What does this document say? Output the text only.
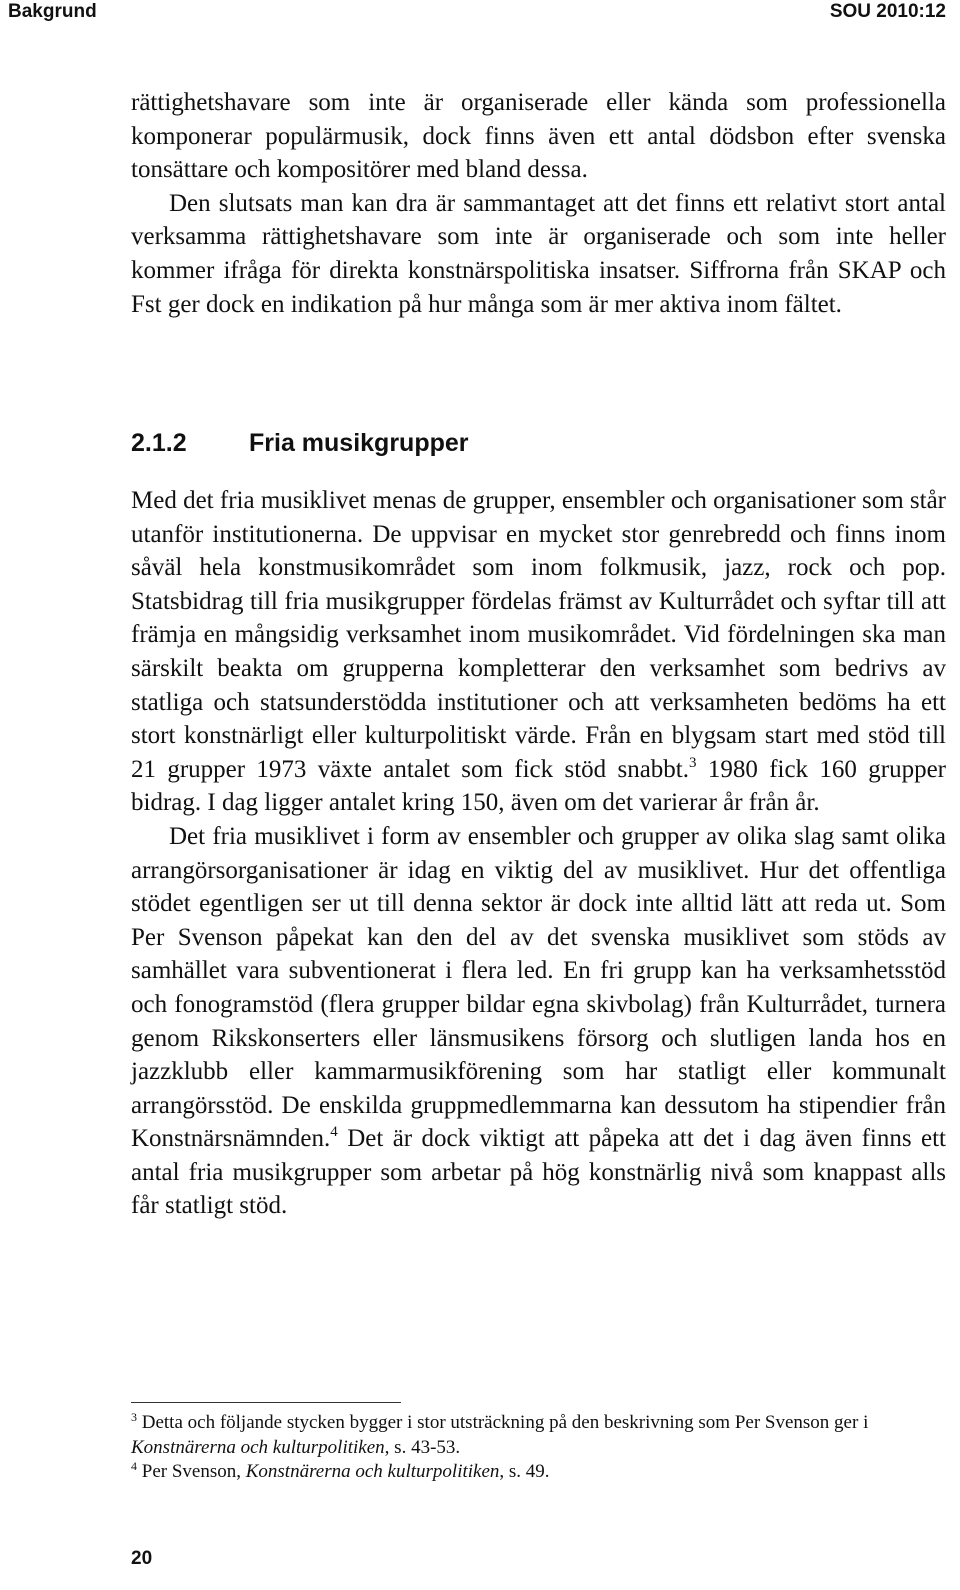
Bakgrund	SOU 2010:12

rättighetshavare som inte är organiserade eller kända som professionella komponerar populärmusik, dock finns även ett antal dödsbon efter svenska tonsättare och kompositörer med bland dessa.

Den slutsats man kan dra är sammantaget att det finns ett relativt stort antal verksamma rättighetshavare som inte är organiserade och som inte heller kommer ifråga för direkta konstnärspolitiska insatser. Siffrorna från SKAP och Fst ger dock en indikation på hur många som är mer aktiva inom fältet.

2.1.2 Fria musikgrupper

Med det fria musiklivet menas de grupper, ensembler och organisationer som står utanför institutionerna. De uppvisar en mycket stor genrebredd och finns inom såväl hela konstmusikområdet som inom folkmusik, jazz, rock och pop. Statsbidrag till fria musikgrupper fördelas främst av Kulturrådet och syftar till att främja en mångsidig verksamhet inom musikområdet. Vid fördelningen ska man särskilt beakta om grupperna kompletterar den verksamhet som bedrivs av statliga och statsunderstödda institutioner och att verksamheten bedöms ha ett stort konstnärligt eller kulturpolitiskt värde. Från en blygsam start med stöd till 21 grupper 1973 växte antalet som fick stöd snabbt.$^3$ 1980 fick 160 grupper bidrag. I dag ligger antalet kring 150, även om det varierar år från år.

Det fria musiklivet i form av ensembler och grupper av olika slag samt olika arrangörsorganisationer är idag en viktig del av musiklivet. Hur det offentliga stödet egentligen ser ut till denna sektor är dock inte alltid lätt att reda ut. Som Per Svenson påpekat kan den del av det svenska musiklivet som stöds av samhället vara subventionerat i flera led. En fri grupp kan ha verksamhetsstöd och fonogramstöd (flera grupper bildar egna skivbolag) från Kulturrådet, turnera genom Rikskonserters eller länsmusikens försorg och slutligen landa hos en jazzklubb eller kammarmusikförening som har statligt eller kommunalt arrangörsstöd. De enskilda gruppmedlemmarna kan dessutom ha stipendier från Konstnärsnämnden.$^4$ Det är dock viktigt att påpeka att det i dag även finns ett antal fria musikgrupper som arbetar på hög konstnärlig nivå som knappast alls får statligt stöd.

$^3$ Detta och följande stycken bygger i stor utsträckning på den beskrivning som Per Svenson ger i Konstnärerna och kulturpolitiken, s. 43-53.

$^4$ Per Svenson, Konstnärerna och kulturpolitiken, s. 49.

20
